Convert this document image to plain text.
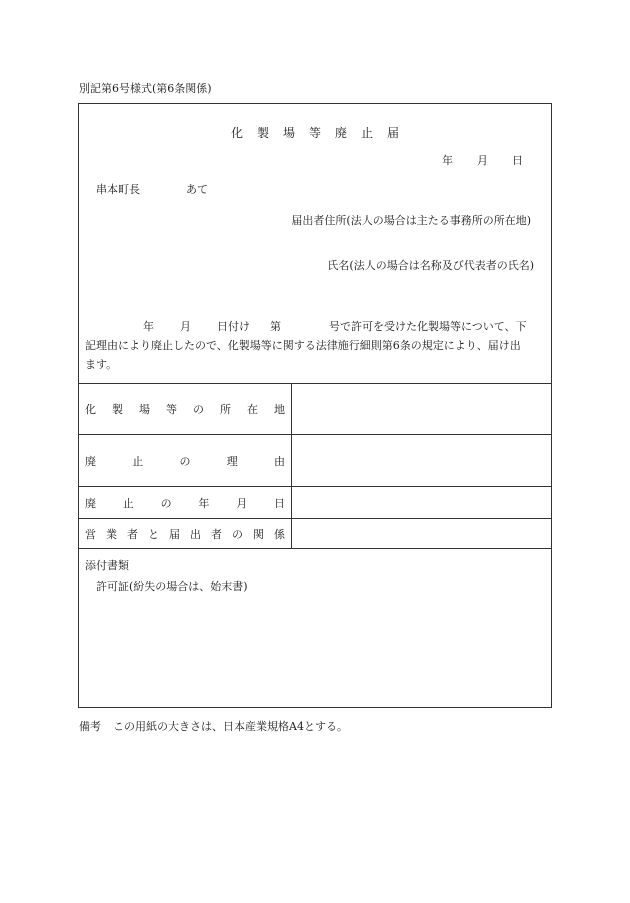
別記第6号様式(第6条関係)
化製場等廃止届
年 月 日
串本町長	あて
届出者住所(法人の場合は主たる事務所の所在地)
氏名(法人の場合は名称及び代表者の氏名)
年 月 日付け 第	号で許可を受けた化製場等について、下
記理由により廃止したので、化製場等に関する法律施行細則第6条の規定により、届け出
ます。
化製場等の所在地
廃止の理由
廃止の年月日
営業者と届出者の関係
添付書類
許可証(紛失の場合は、始末書)
備考 この用紙の大きさは、日本産業規格A4とする。
